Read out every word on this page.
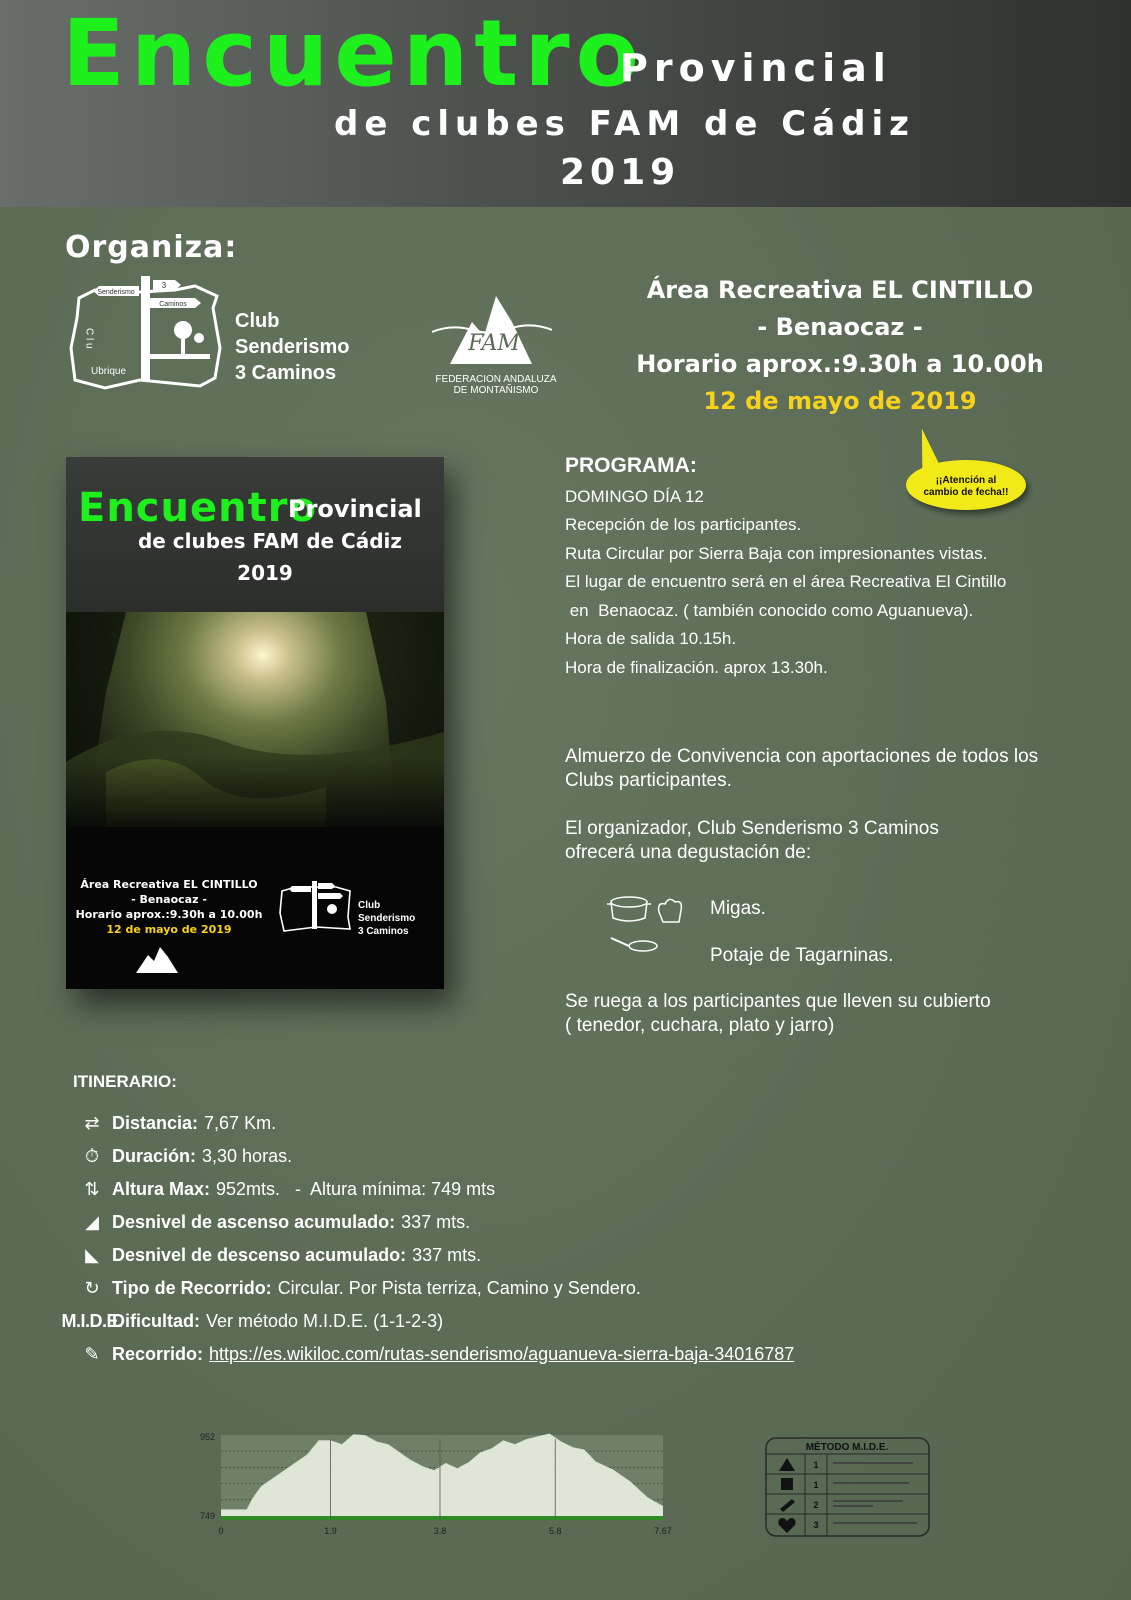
Encuentro
Provincial
de clubes FAM de Cádiz
2019
Organiza:
3
Caminos
Senderismo
C l u
Ubrique
Club
Senderismo
3 Caminos
FAM
FEDERACION ANDALUZA
DE MONTAÑISMO
Área Recreativa EL CINTILLO
- Benaocaz -
Horario aprox.:9.30h a 10.00h
12 de mayo de 2019
Encuentro
Provincial
de clubes FAM de Cádiz
2019
Área Recreativa EL CINTILLO
- Benaocaz -
Horario aprox.:9.30h a 10.00h
12 de mayo de 2019
Club
Senderismo
3 Caminos
¡¡Atención al
cambio de fecha!!
PROGRAMA:
DOMINGO DÍA 12
Recepción de los participantes.
Ruta Circular por Sierra Baja con impresionantes vistas.
El lugar de encuentro será en el área Recreativa El Cintillo
en  Benaocaz. ( también conocido como Aguanueva).
Hora de salida 10.15h.
Hora de finalización. aprox 13.30h.
Almuerzo de Convivencia con aportaciones de todos los
Clubs participantes.
El organizador, Club Senderismo 3 Caminos
ofrecerá una degustación de:
Migas.
Potaje de Tagarninas.
Se ruega a los participantes que lleven su cubierto
( tenedor, cuchara, plato y jarro)
ITINERARIO:
⇄ Distancia: 7,67 Km.
⏱ Duración: 3,30 horas.
⇅ Altura Max: 952mts.   -  Altura mínima: 749 mts
◢ Desnivel de ascenso acumulado: 337 mts.
◣ Desnivel de descenso acumulado: 337 mts.
↻ Tipo de Recorrido: Circular. Por Pista terriza, Camino y Sendero.
M.I.D.E.
Dificultad: Ver método M.I.D.E. (1-1-2-3)
✎ Recorrido: https://es.wikiloc.com/rutas-senderismo/aguanueva-sierra-baja-34016787
0	1.9	3.8	5.8	7.67
952
749
MÉTODO M.I.D.E.
1
1
2
3
